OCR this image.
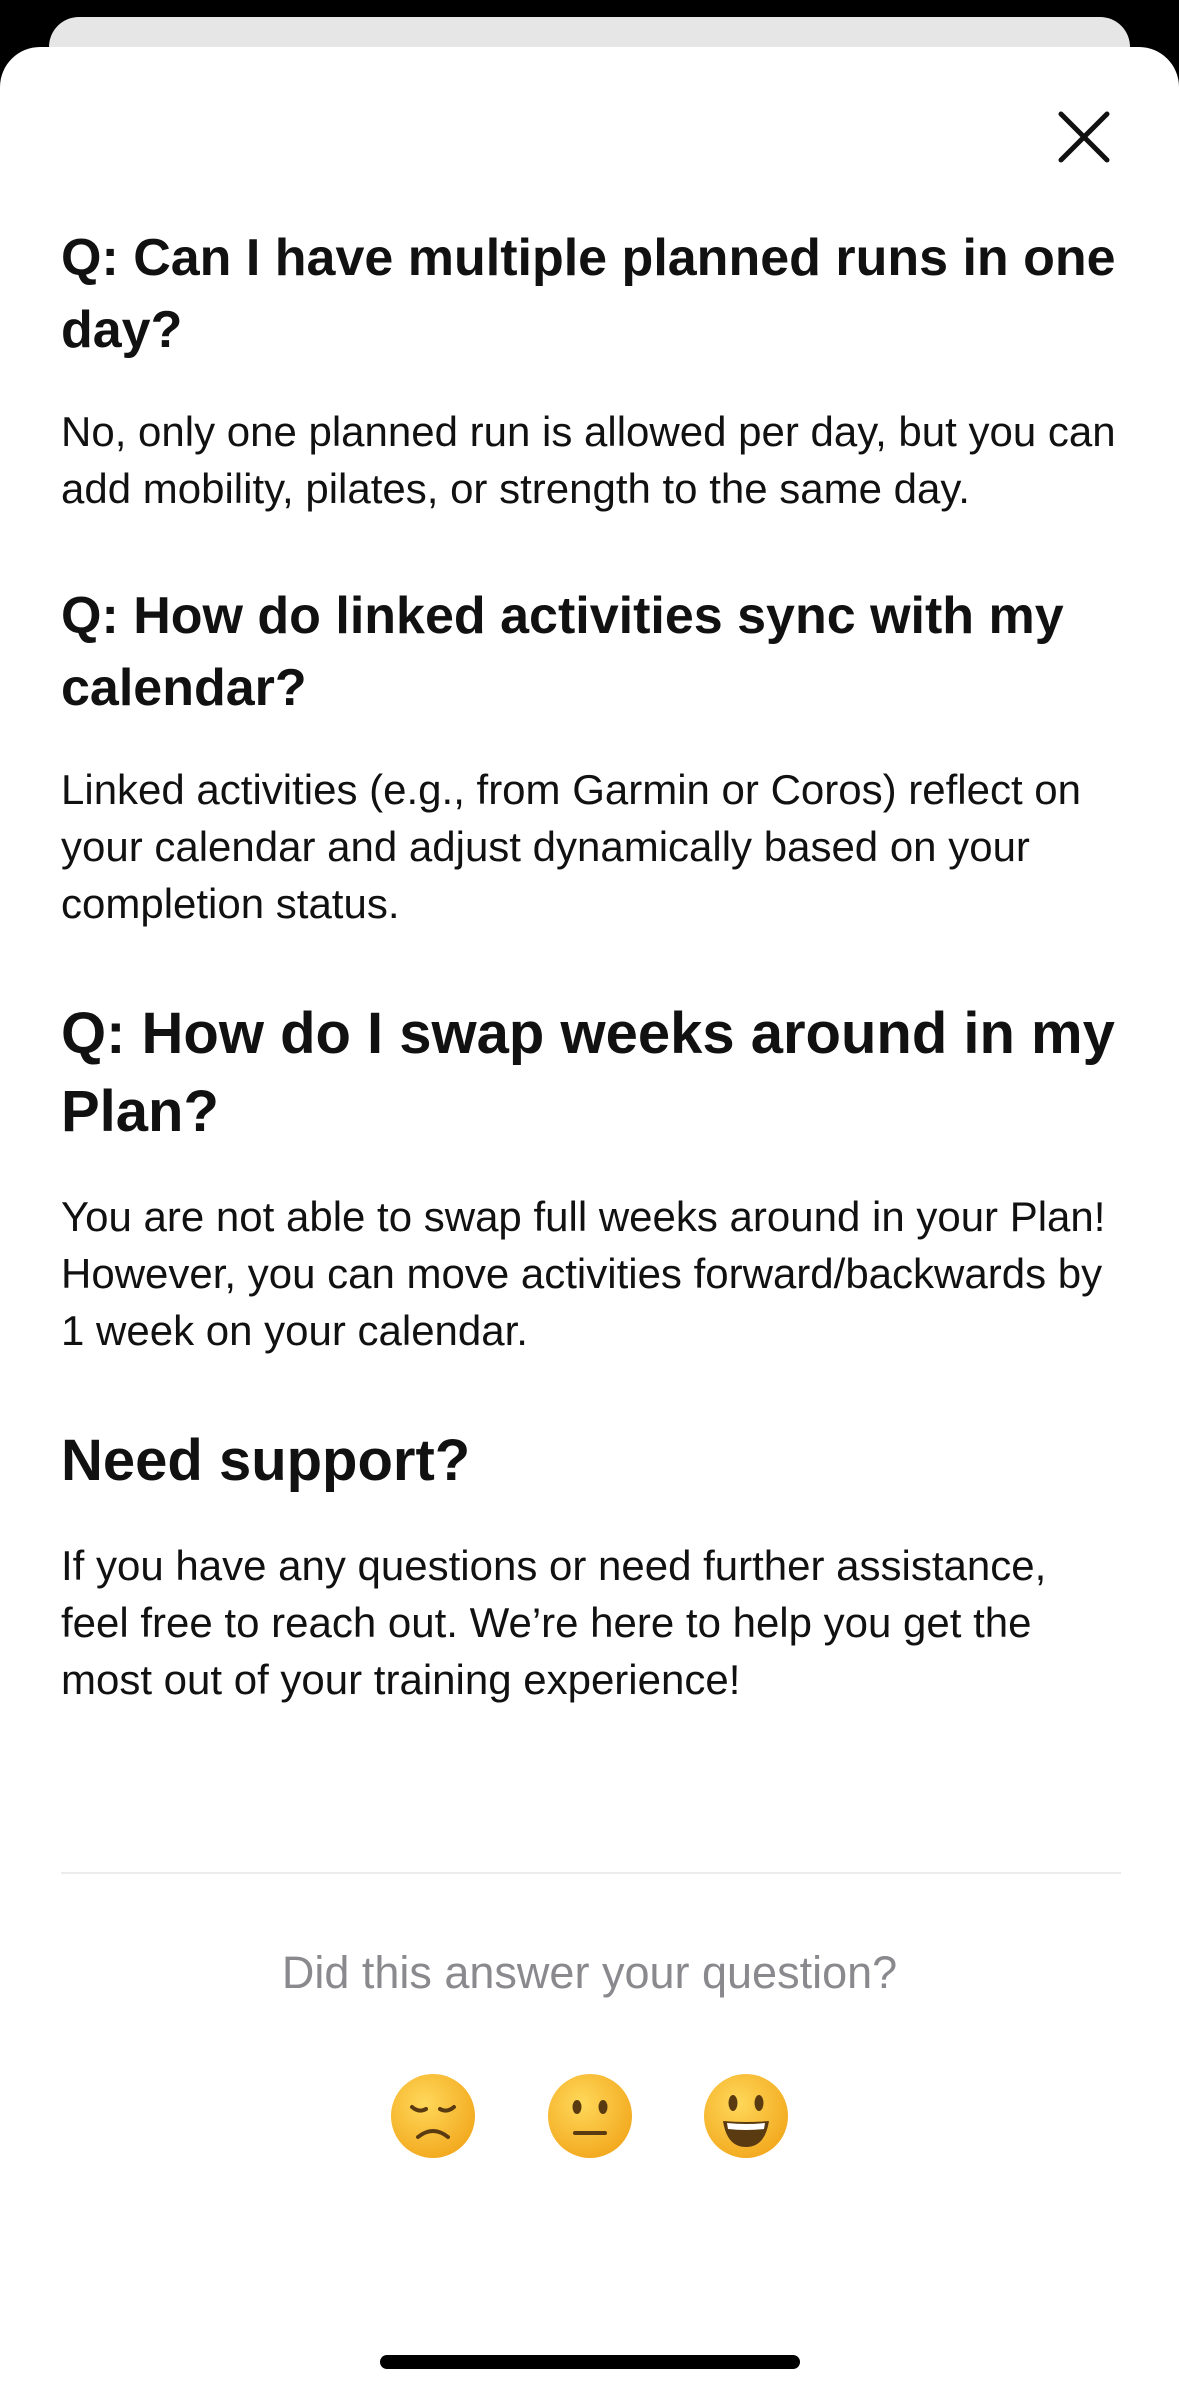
Q: Can I have multiple planned runs in one day?

No, only one planned run is allowed per day, but you can add mobility, pilates, or strength to the same day.

Q: How do linked activities sync with my calendar?

Linked activities (e.g., from Garmin or Coros) reflect on your calendar and adjust dynamically based on your completion status.

Q: How do I swap weeks around in my Plan?

You are not able to swap full weeks around in your Plan! However, you can move activities forward/backwards by 1 week on your calendar.

Need support?

If you have any questions or need further assistance, feel free to reach out. We’re here to help you get the most out of your training experience!

Did this answer your question?
